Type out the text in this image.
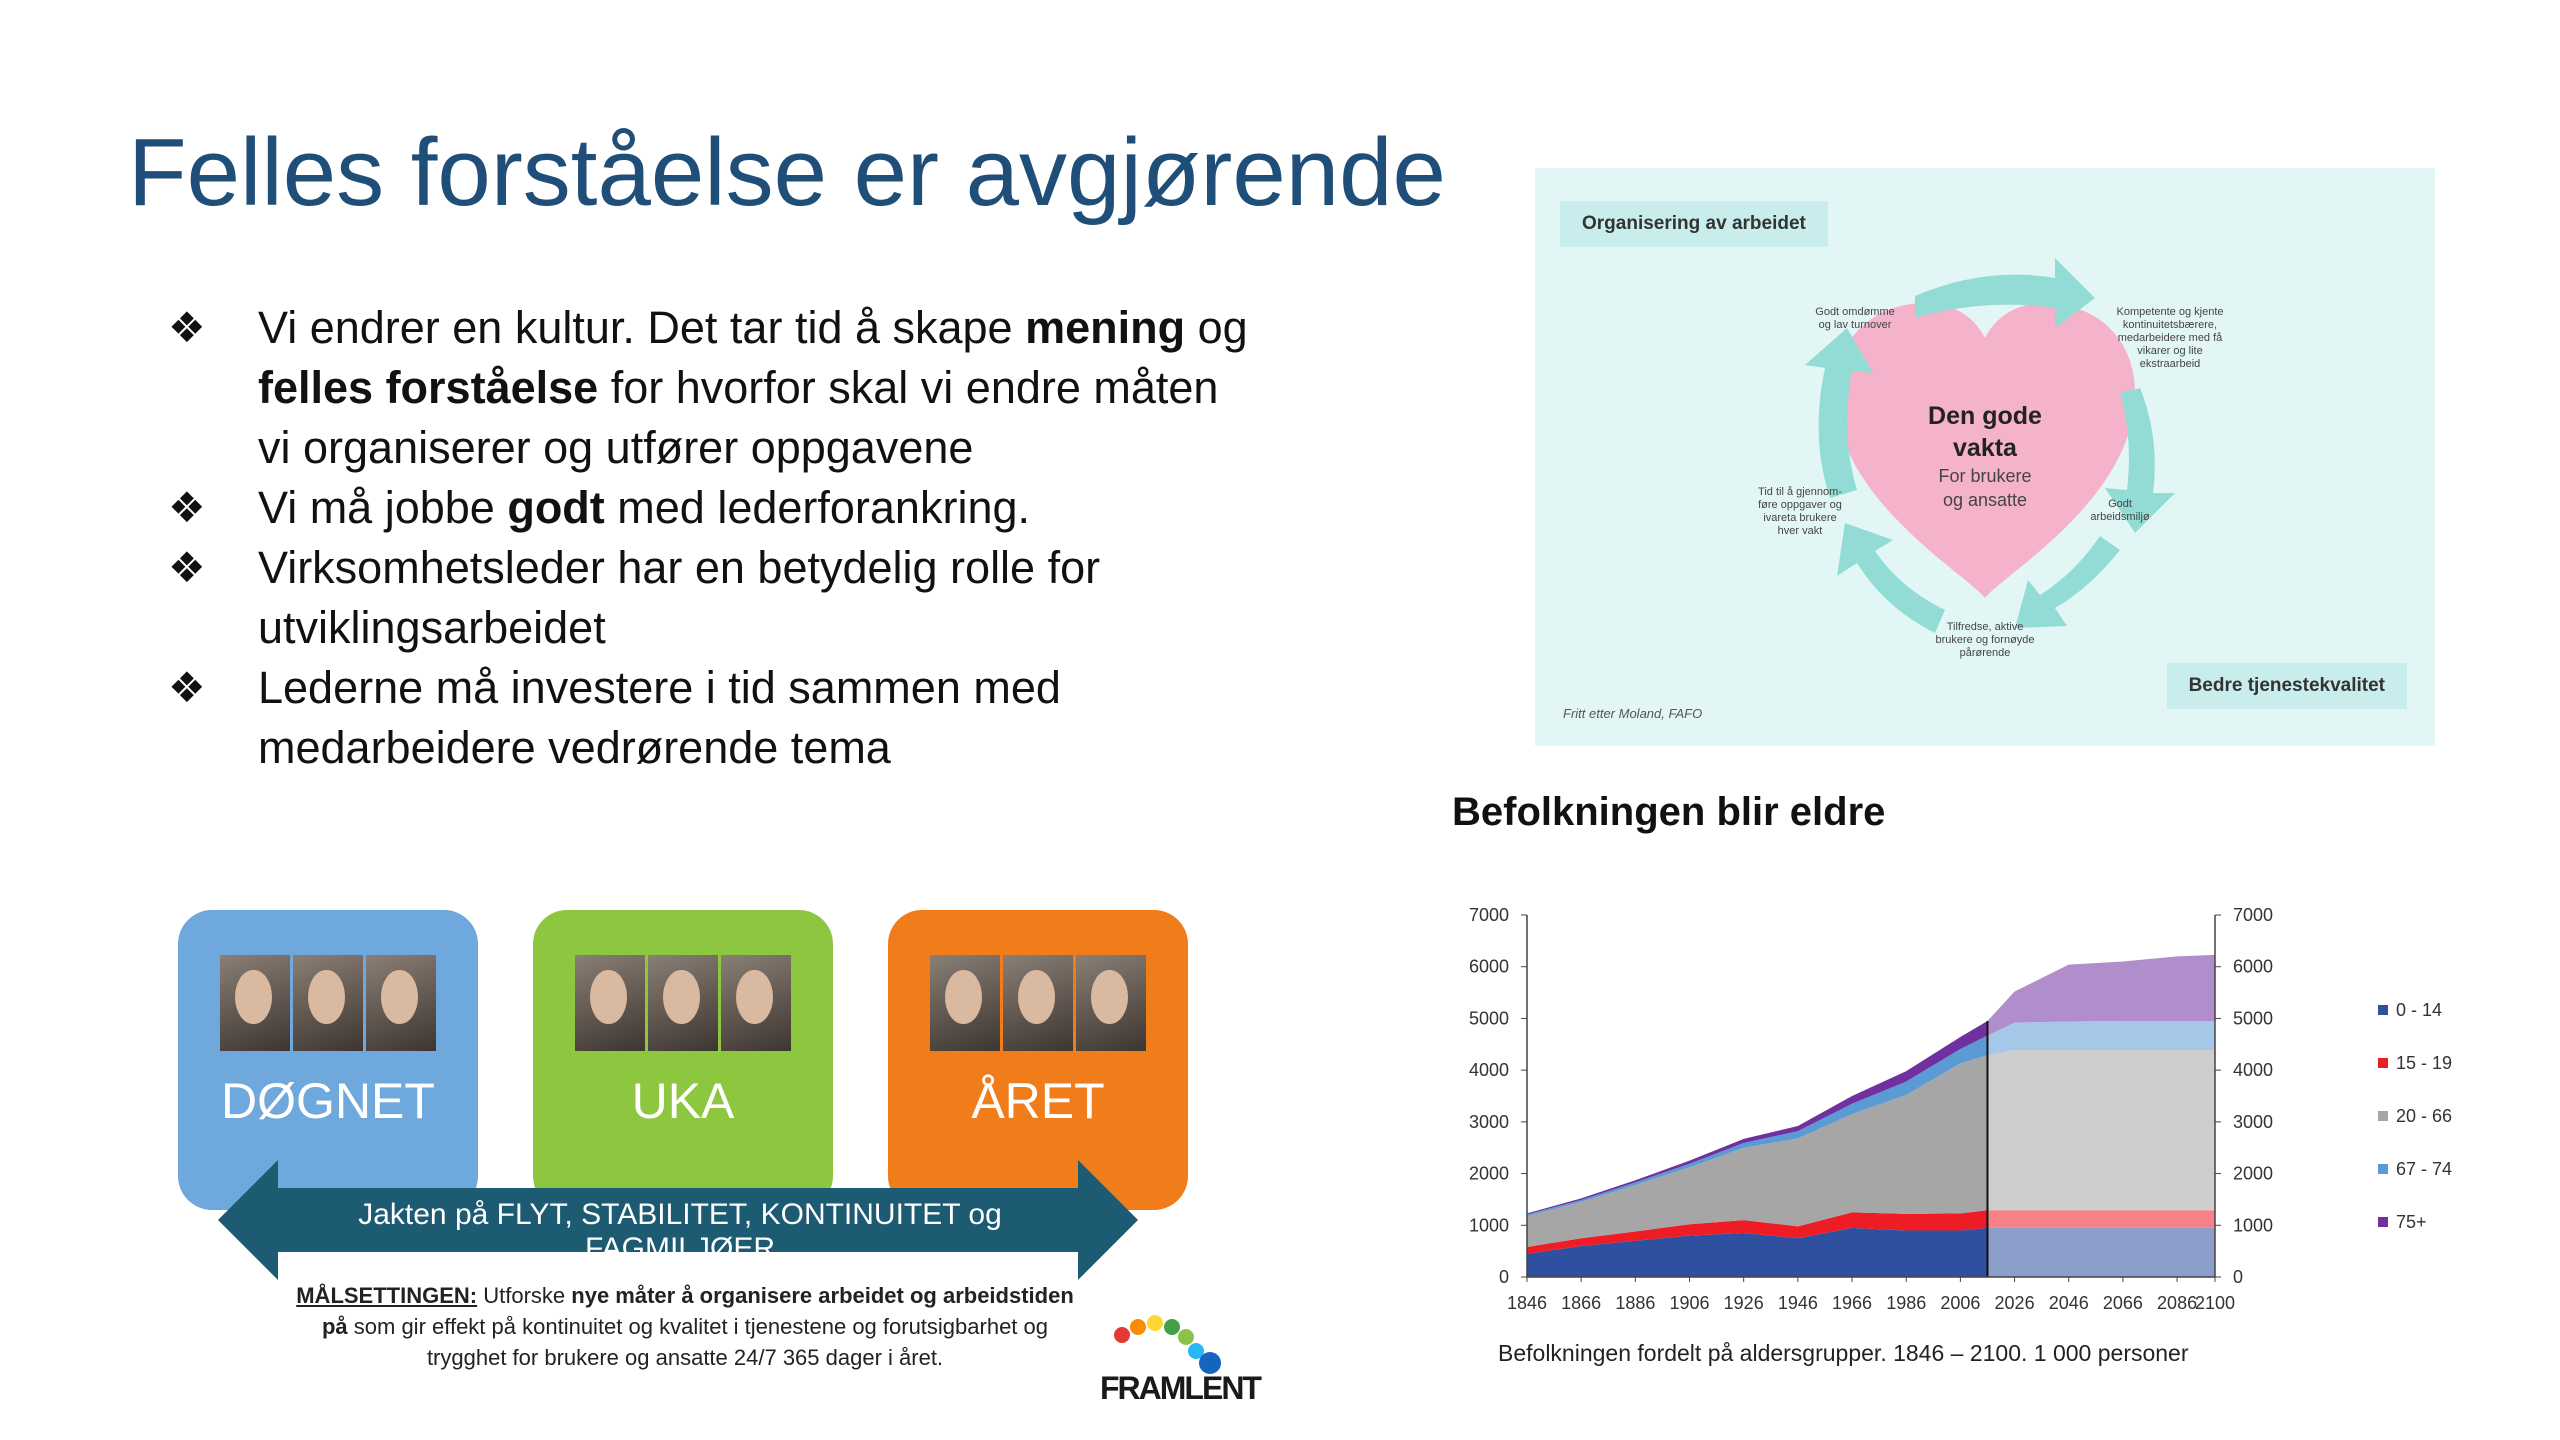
Felles forståelse er avgjørende
❖ Vi endrer en kultur. Det tar tid å skape mening og felles forståelse for hvorfor skal vi endre måten vi organiserer og utfører oppgavene
❖ Vi må jobbe godt med lederforankring.
❖ Virksomhetsleder har en betydelig rolle for utviklingsarbeidet
❖ Lederne må investere i tid sammen med medarbeidere vedrørende tema
Organisering av arbeidet
Bedre tjenestekvalitet
Fritt etter Moland, FAFO
Godt omdømme
og lav turnover
Kompetente og kjente
kontinuitetsbærere,
medarbeidere med få
vikarer og lite
ekstraarbeid
Godt
arbeidsmiljø
Tilfredse, aktive
brukere og fornøyde
pårørende
Tid til å gjennom-
føre oppgaver og
ivareta brukere
hver vakt
Den gode
vakta
For brukere
og ansatte
DØGNET	UKA	ÅRET
Jakten på FLYT, STABILITET, KONTINUITET og FAGMILJØER
MÅLSETTINGEN: Utforske nye måter å organisere arbeidet og arbeidstiden på som gir effekt på kontinuitet og kvalitet i tjenestene og forutsigbarhet og trygghet for brukere og ansatte 24/7 365 dager i året.
FRAMLENT
Befolkningen blir eldre
0	0
1000	1000
2000	2000
3000	3000
4000	4000
5000	5000
6000	6000
7000	7000
1846 1866 1886 1906 1926 1946 1966 1986 2006 2026 2046 2066 2086
2100
0 - 14
15 - 19
20 - 66
67 - 74
75+
Befolkningen fordelt på aldersgrupper. 1846 – 2100. 1 000 personer
